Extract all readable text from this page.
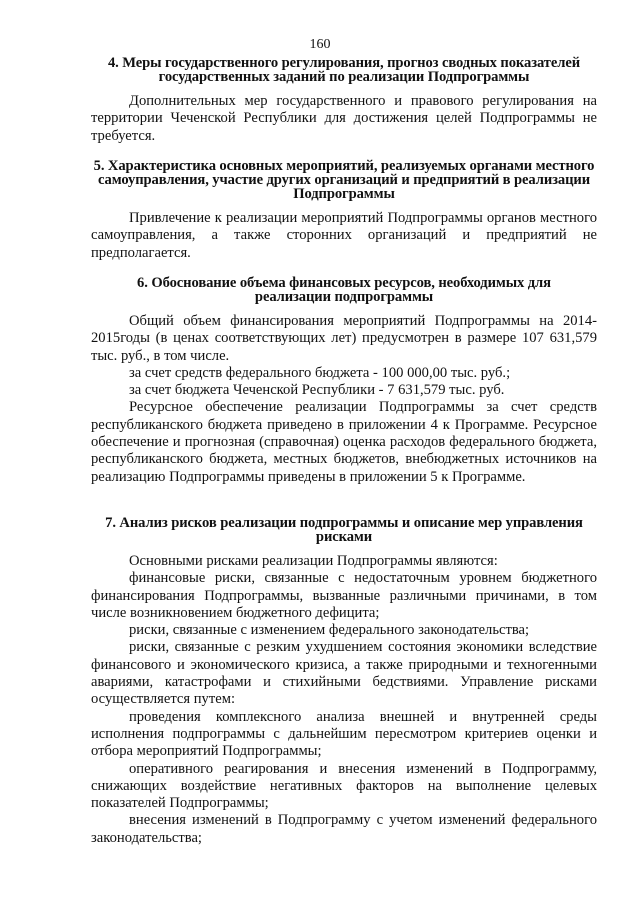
160

4. Меры государственного регулирования, прогноз сводных показателей государственных заданий по реализации Подпрограммы

Дополнительных мер государственного и правового регулирования на территории Чеченской Республики для достижения целей Подпрограммы не требуется.

5. Характеристика основных мероприятий, реализуемых органами местного самоуправления, участие других организаций и предприятий в реализации Подпрограммы

Привлечение к реализации мероприятий Подпрограммы органов местного самоуправления, а также сторонних организаций и предприятий не предполагается.

6. Обоснование объема финансовых ресурсов, необходимых для реализации подпрограммы

Общий объем финансирования мероприятий Подпрограммы на 2014-2015годы (в ценах соответствующих лет) предусмотрен в размере 107 631,579 тыс. руб., в том числе.

за счет средств федерального бюджета - 100 000,00 тыс. руб.;

за счет бюджета Чеченской Республики - 7 631,579 тыс. руб.

Ресурсное обеспечение реализации Подпрограммы за счет средств республиканского бюджета приведено в приложении 4 к Программе. Ресурсное обеспечение и прогнозная (справочная) оценка расходов федерального бюджета, республиканского бюджета, местных бюджетов, внебюджетных источников на реализацию Подпрограммы приведены в приложении 5 к Программе.

7. Анализ рисков реализации подпрограммы и описание мер управления рисками

Основными рисками реализации Подпрограммы являются:

финансовые риски, связанные с недостаточным уровнем бюджетного финансирования Подпрограммы, вызванные различными причинами, в том числе возникновением бюджетного дефицита;

риски, связанные с изменением федерального законодательства;

риски, связанные с резким ухудшением состояния экономики вследствие финансового и экономического кризиса, а также природными и техногенными авариями, катастрофами и стихийными бедствиями. Управление рисками осуществляется путем:

проведения комплексного анализа внешней и внутренней среды исполнения подпрограммы с дальнейшим пересмотром критериев оценки и отбора мероприятий Подпрограммы;

оперативного реагирования и внесения изменений в Подпрограмму, снижающих воздействие негативных факторов на выполнение целевых показателей Подпрограммы;

внесения изменений в Подпрограмму с учетом изменений федерального законодательства;
